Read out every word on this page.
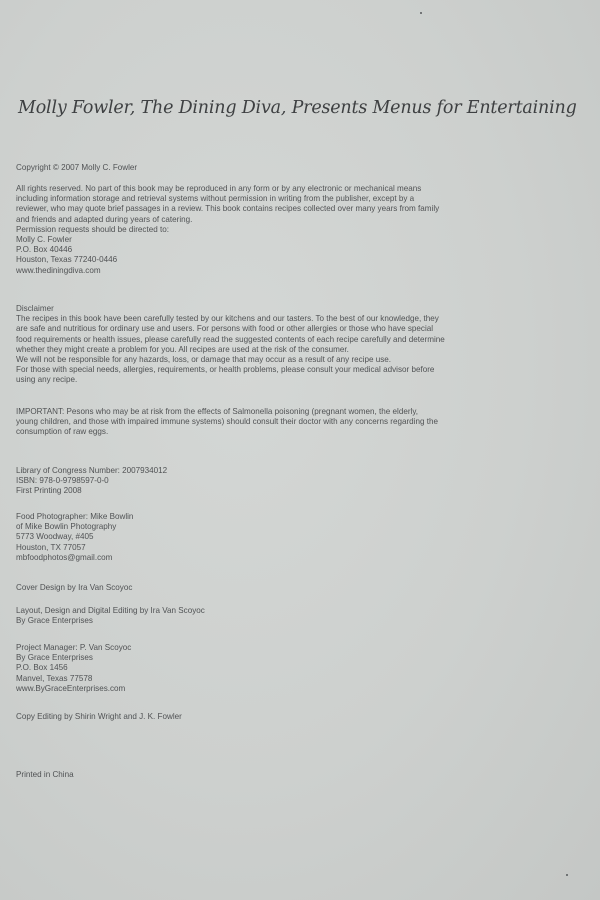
Molly Fowler, The Dining Diva, Presents Menus for Entertaining
Copyright © 2007 Molly C. Fowler
All rights reserved. No part of this book may be reproduced in any form or by any electronic or mechanical means
including information storage and retrieval systems without permission in writing from the publisher, except by a
reviewer, who may quote brief passages in a review. This book contains recipes collected over many years from family
and friends and adapted during years of catering.
Permission requests should be directed to:
Molly C. Fowler
P.O. Box 40446
Houston, Texas 77240-0446
www.thediningdiva.com
Disclaimer
The recipes in this book have been carefully tested by our kitchens and our tasters. To the best of our knowledge, they
are safe and nutritious for ordinary use and users. For persons with food or other allergies or those who have special
food requirements or health issues, please carefully read the suggested contents of each recipe carefully and determine
whether they might create a problem for you. All recipes are used at the risk of the consumer.
We will not be responsible for any hazards, loss, or damage that may occur as a result of any recipe use.
For those with special needs, allergies, requirements, or health problems, please consult your medical advisor before
using any recipe.
IMPORTANT: Pesons who may be at risk from the effects of Salmonella poisoning (pregnant women, the elderly,
young children, and those with impaired immune systems) should consult their doctor with any concerns regarding the
consumption of raw eggs.
Library of Congress Number: 2007934012
ISBN: 978-0-9798597-0-0
First Printing 2008
Food Photographer: Mike Bowlin
of Mike Bowlin Photography
5773 Woodway, #405
Houston, TX 77057
mbfoodphotos@gmail.com
Cover Design by Ira Van Scoyoc
Layout, Design and Digital Editing by Ira Van Scoyoc
By Grace Enterprises
Project Manager: P. Van Scoyoc
By Grace Enterprises
P.O. Box 1456
Manvel, Texas 77578
www.ByGraceEnterprises.com
Copy Editing by Shirin Wright and J. K. Fowler
Printed in China
